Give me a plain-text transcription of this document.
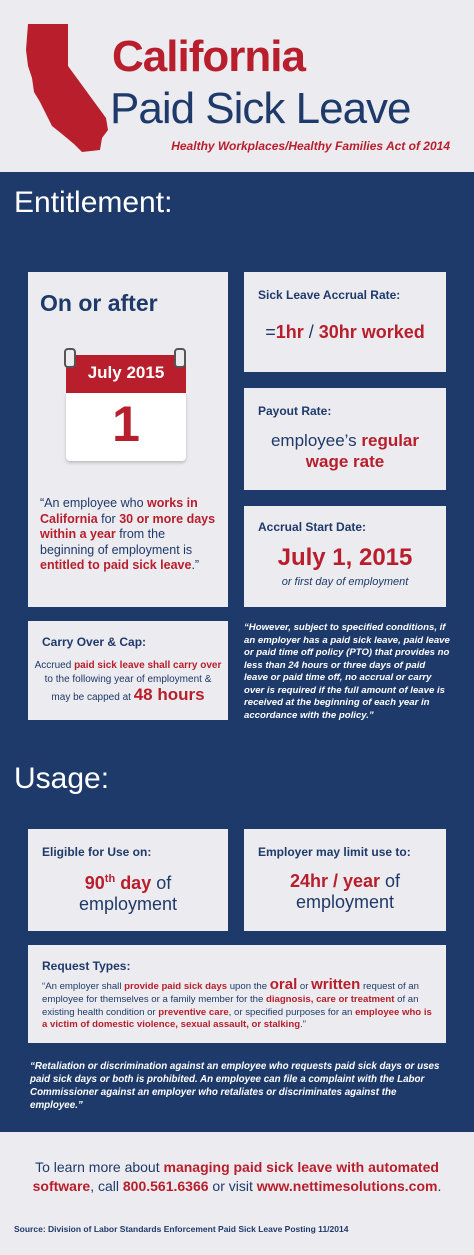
California
Paid Sick Leave
Healthy Workplaces/Healthy Families Act of 2014
Entitlement:
Usage:
On or after
“An employee who works in California for 30 or more days within a year from the beginning of employment is entitled to paid sick leave.”
July 2015
1
Sick Leave Accrual Rate:
=1hr / 30hr worked
Payout Rate:
employee’s regular
wage rate
Accrual Start Date:
July 1, 2015
or first day of employment
Carry Over & Cap:
Accrued paid sick leave shall carry over
to the following year of employment &
may be capped at 48 hours
“However, subject to specified conditions, if an employer has a paid sick leave, paid leave or paid time off policy (PTO) that provides no less than 24 hours or three days of paid leave or paid time off, no accrual or carry over is required if the full amount of leave is received at the beginning of each year in accordance with the policy.”
Eligible for Use on:
90th day of
employment
Employer may limit use to:
24hr / year of
employment
Request Types:
“An employer shall provide paid sick days upon the oral or written request of an employee for themselves or a family member for the diagnosis, care or treatment of an existing health condition or preventive care, or specified purposes for an employee who is a victim of domestic violence, sexual assault, or stalking.”
“Retaliation or discrimination against an employee who requests paid sick days or uses paid sick days or both is prohibited. An employee can file a complaint with the Labor Commissioner against an employer who retaliates or discriminates against the employee.”
To learn more about managing paid sick leave with automated software, call 800.561.6366 or visit www.nettimesolutions.com.
Source: Division of Labor Standards Enforcement Paid Sick Leave Posting 11/2014
